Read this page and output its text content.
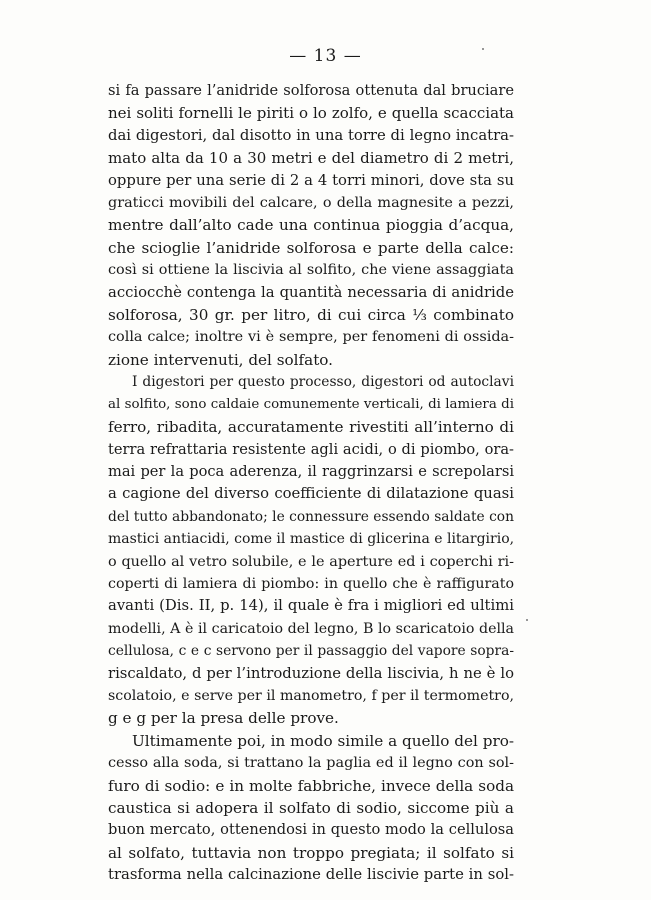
— 13 —
si fa passare l’anidride solforosa ottenuta dal bruciare
nei soliti fornelli le piriti o lo zolfo, e quella scacciata
dai digestori, dal disotto in una torre di legno incatra-
mato alta da 10 a 30 metri e del diametro di 2 metri,
oppure per una serie di 2 a 4 torri minori, dove sta su
graticci movibili del calcare, o della magnesite a pezzi,
mentre dall’alto cade una continua pioggia d’acqua,
che scioglie l’anidride solforosa e parte della calce:
così si ottiene la liscivia al solfito, che viene assaggiata
acciocchè contenga la quantità necessaria di anidride
solforosa, 30 gr. per litro, di cui circa ⅓ combinato
colla calce; inoltre vi è sempre, per fenomeni di ossida-
zione intervenuti, del solfato.
I digestori per questo processo, digestori od autoclavi
al solfito, sono caldaie comunemente verticali, di lamiera di
ferro, ribadita, accuratamente rivestiti all’interno di
terra refrattaria resistente agli acidi, o di piombo, ora-
mai per la poca aderenza, il raggrinzarsi e screpolarsi
a cagione del diverso coefficiente di dilatazione quasi
del tutto abbandonato; le connessure essendo saldate con
mastici antiacidi, come il mastice di glicerina e litargirio,
o quello al vetro solubile, e le aperture ed i coperchi ri-
coperti di lamiera di piombo: in quello che è raffigurato
avanti (Dis. II, p. 14), il quale è fra i migliori ed ultimi
modelli, A è il caricatoio del legno, B lo scaricatoio della
cellulosa, c e c servono per il passaggio del vapore sopra-
riscaldato, d per l’introduzione della liscivia, h ne è lo
scolatoio, e serve per il manometro, f per il termometro,
g e g per la presa delle prove.
Ultimamente poi, in modo simile a quello del pro-
cesso alla soda, si trattano la paglia ed il legno con sol-
furo di sodio: e in molte fabbriche, invece della soda
caustica si adopera il solfato di sodio, siccome più a
buon mercato, ottenendosi in questo modo la cellulosa
al solfato, tuttavia non troppo pregiata; il solfato si
trasforma nella calcinazione delle liscivie parte in sol-
